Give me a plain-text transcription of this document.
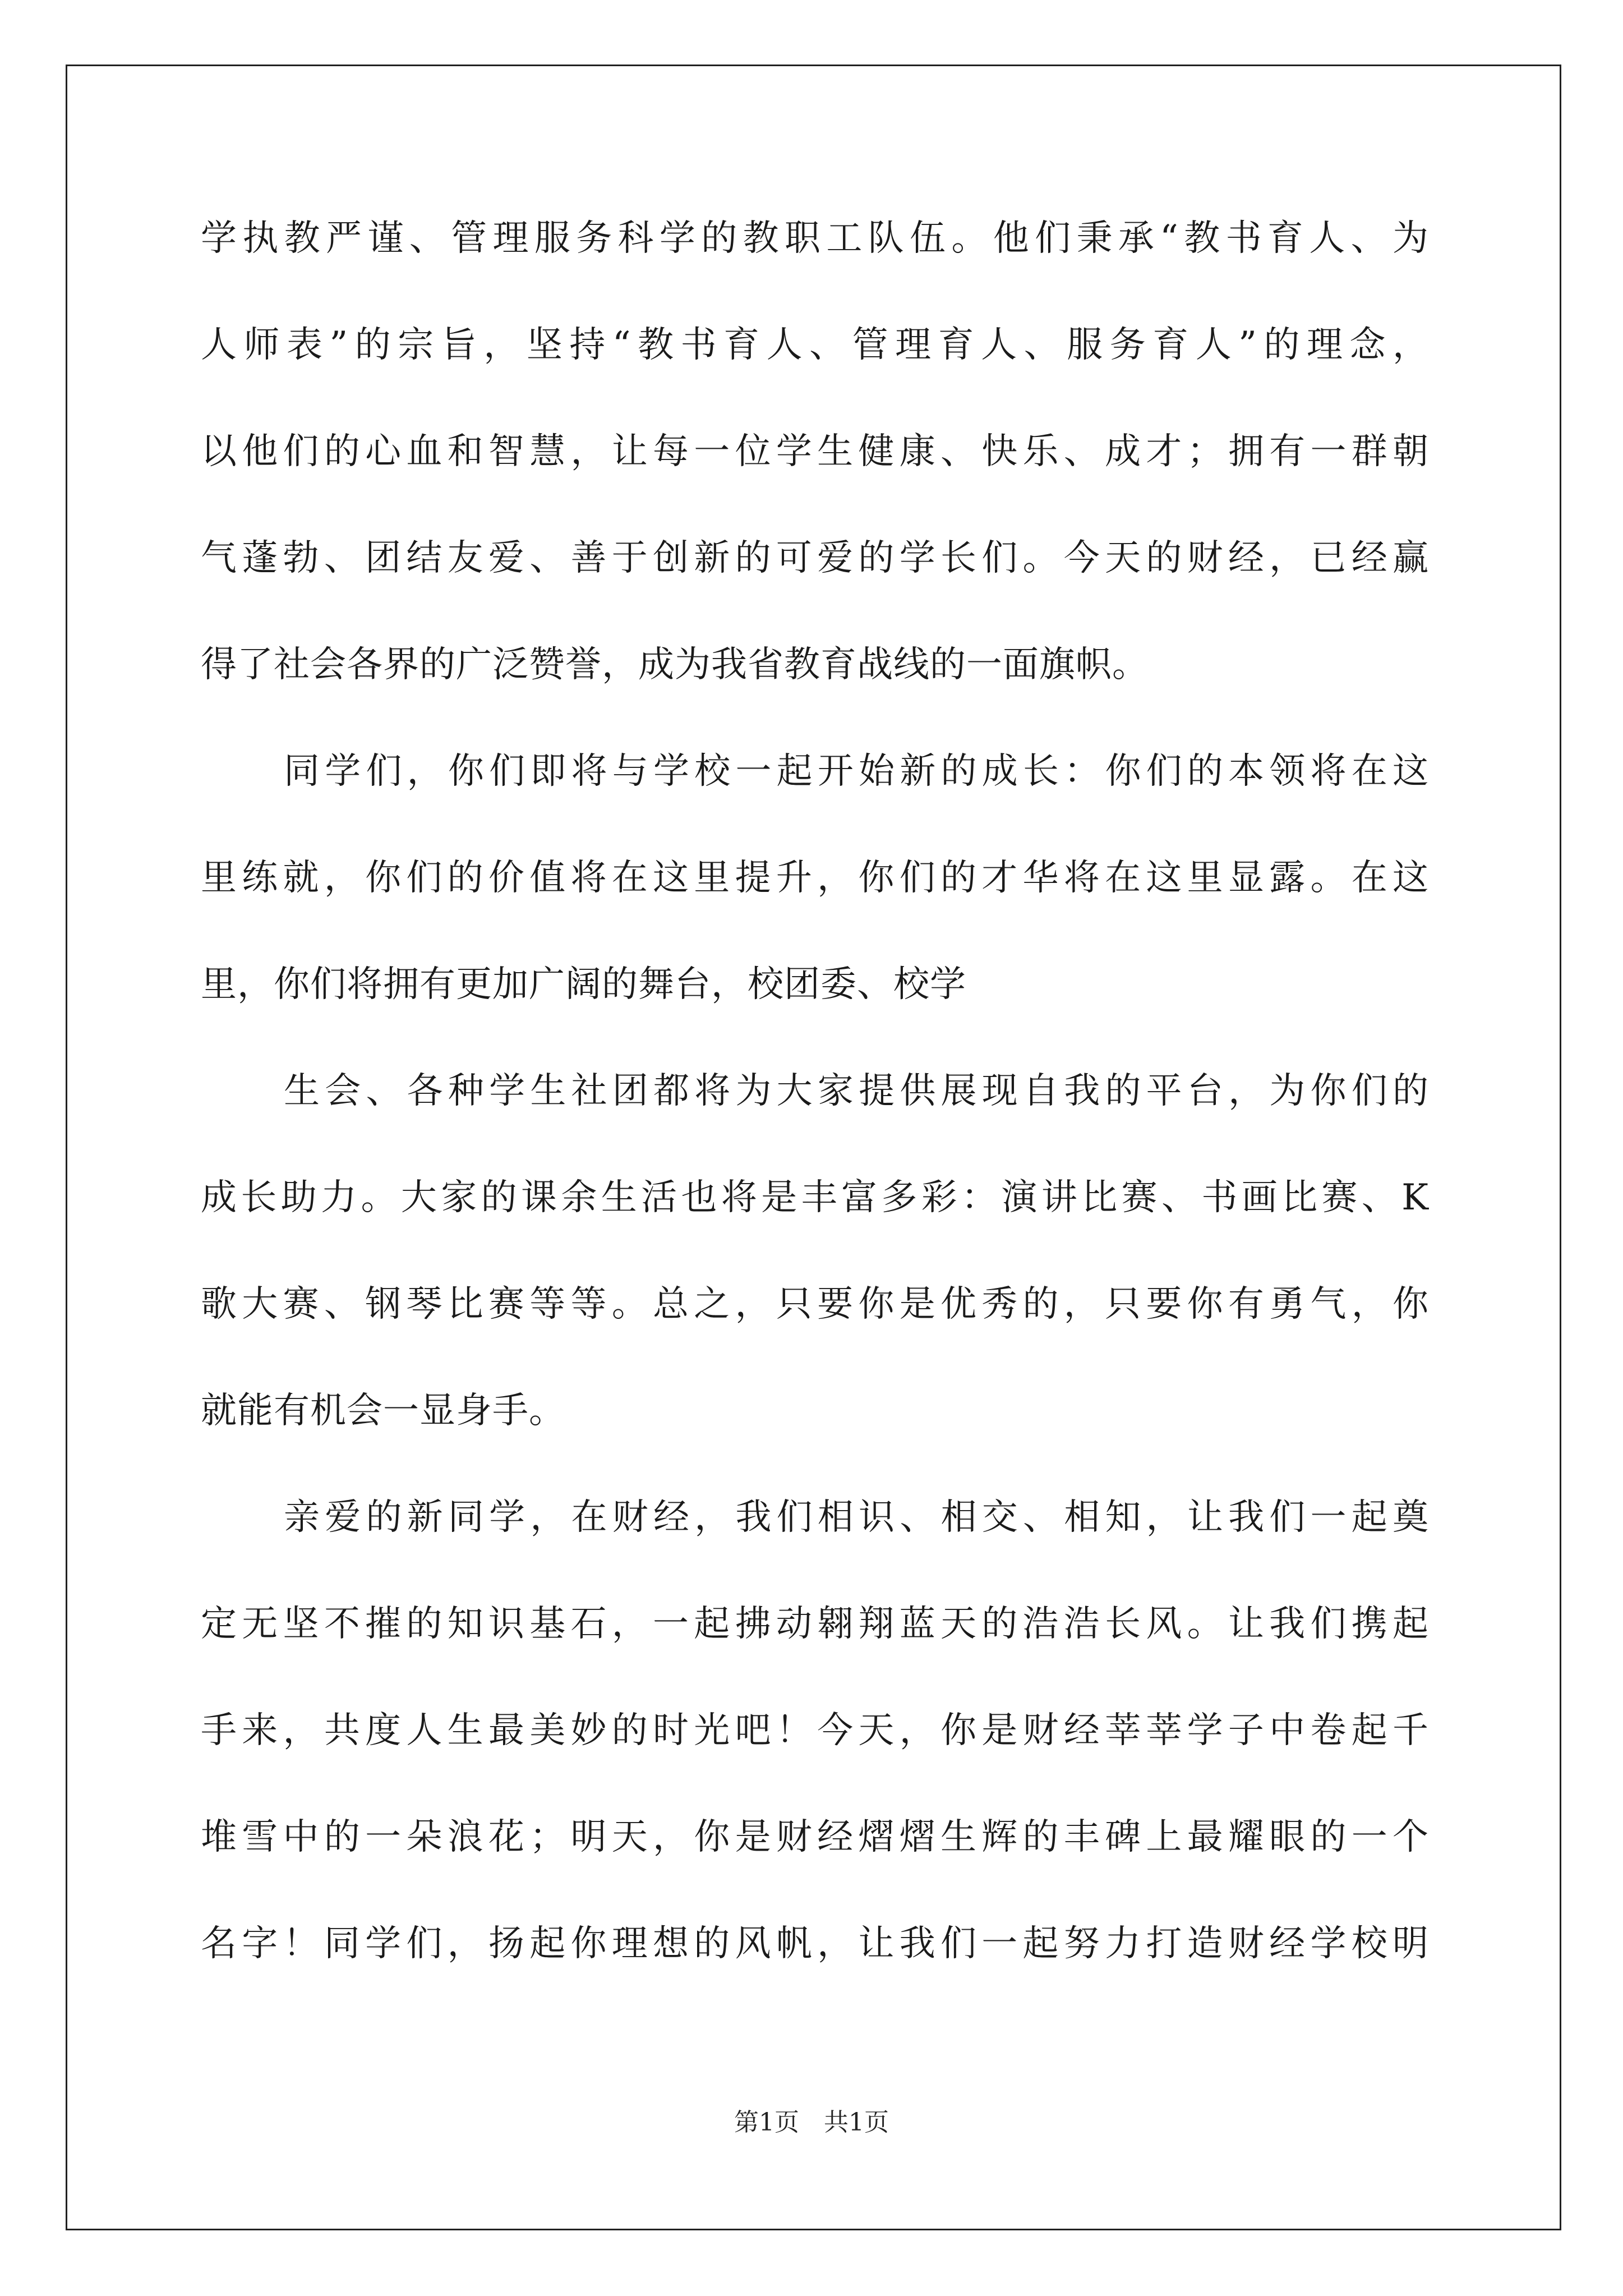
学执教严谨、管理服务科学的教职工队伍。他们秉承“教书育人、为
人师表”的宗旨，坚持“教书育人、管理育人、服务育人”的理念，
以他们的心血和智慧，让每一位学生健康、快乐、成才；拥有一群朝
气蓬勃、团结友爱、善于创新的可爱的学长们。今天的财经，已经赢
得了社会各界的广泛赞誉，成为我省教育战线的一面旗帜。
同学们，你们即将与学校一起开始新的成长：你们的本领将在这
里练就，你们的价值将在这里提升，你们的才华将在这里显露。在这
里，你们将拥有更加广阔的舞台，校团委、校学
生会、各种学生社团都将为大家提供展现自我的平台，为你们的
成长助力。大家的课余生活也将是丰富多彩：演讲比赛、书画比赛、K
歌大赛、钢琴比赛等等。总之，只要你是优秀的，只要你有勇气，你
就能有机会一显身手。
亲爱的新同学，在财经，我们相识、相交、相知，让我们一起奠
定无坚不摧的知识基石，一起拂动翱翔蓝天的浩浩长风。让我们携起
手来，共度人生最美妙的时光吧！今天，你是财经莘莘学子中卷起千
堆雪中的一朵浪花；明天，你是财经熠熠生辉的丰碑上最耀眼的一个
名字！同学们，扬起你理想的风帆，让我们一起努力打造财经学校明
第1页 共1页
